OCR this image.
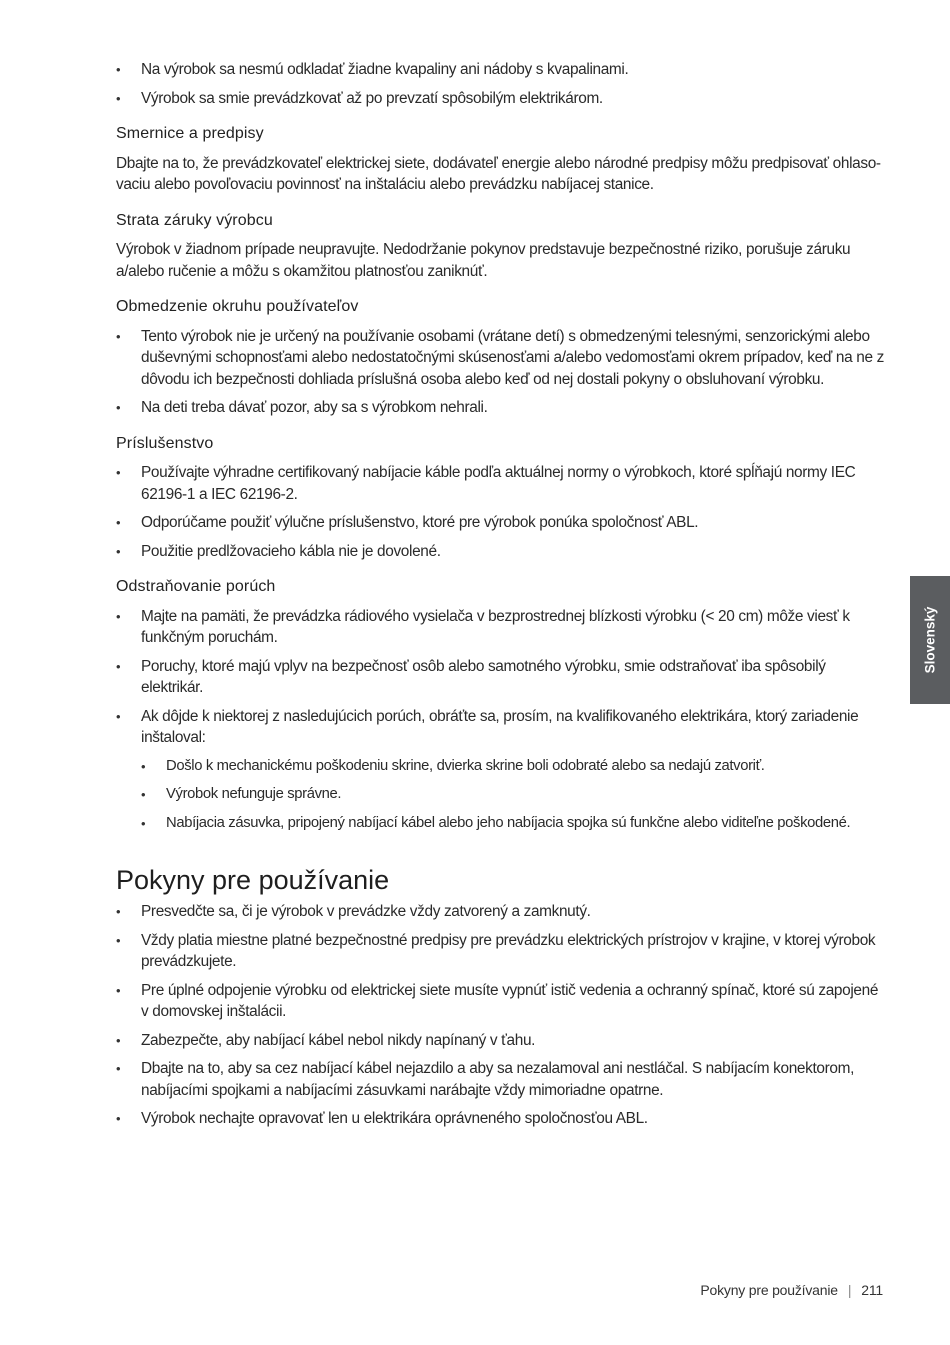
• Na výrobok sa nesmú odkladať žiadne kvapaliny ani nádoby s kvapalinami.
• Výrobok sa smie prevádzkovať až po prevzatí spôsobilým elektrikárom.
Smernice a predpisy

Dbajte na to, že prevádzkovateľ elektrickej siete, dodávateľ energie alebo národné predpisy môžu predpisovať ohlasovaciu alebo povoľovaciu povinnosť na inštaláciu alebo prevádzku nabíjacej stanice.

Strata záruky výrobcu

Výrobok v žiadnom prípade neupravujte. Nedodržanie pokynov predstavuje bezpečnostné riziko, porušuje záruku a/alebo ručenie a môžu s okamžitou platnosťou zaniknúť.

Obmedzenie okruhu používateľov
• Tento výrobok nie je určený na používanie osobami (vrátane detí) s obmedzenými telesnými, senzorickými alebo duševnými schopnosťami alebo nedostatočnými skúsenosťami a/alebo vedomosťami okrem prípadov, keď na ne z dôvodu ich bezpečnosti dohliada príslušná osoba alebo keď od nej dostali pokyny o obsluhovaní výrobku.
• Na deti treba dávať pozor, aby sa s výrobkom nehrali.
Príslušenstvo
• Používajte výhradne certifikovaný nabíjacie káble podľa aktuálnej normy o výrobkoch, ktoré spĺňajú normy IEC 62196-1 a IEC 62196-2.
• Odporúčame použiť výlučne príslušenstvo, ktoré pre výrobok ponúka spoločnosť ABL.
• Použitie predlžovacieho kábla nie je dovolené.
Odstraňovanie porúch
• Majte na pamäti, že prevádzka rádiového vysielača v bezprostrednej blízkosti výrobku (< 20 cm) môže viesť k funkčným poruchám.
• Poruchy, ktoré majú vplyv na bezpečnosť osôb alebo samotného výrobku, smie odstraňovať iba spôsobilý elektrikár.
• Ak dôjde k niektorej z nasledujúcich porúch, obráťte sa, prosím, na kvalifikovaného elektrikára, ktorý zariadenie inštaloval:
• Došlo k mechanickému poškodeniu skrine, dvierka skrine boli odobraté alebo sa nedajú zatvoriť.
• Výrobok nefunguje správne.
• Nabíjacia zásuvka, pripojený nabíjací kábel alebo jeho nabíjacia spojka sú funkčne alebo viditeľne poškodené.
Pokyny pre používanie
• Presvedčte sa, či je výrobok v prevádzke vždy zatvorený a zamknutý.
• Vždy platia miestne platné bezpečnostné predpisy pre prevádzku elektrických prístrojov v krajine, v ktorej výrobok prevádzkujete.
• Pre úplné odpojenie výrobku od elektrickej siete musíte vypnúť istič vedenia a ochranný spínač, ktoré sú zapojené v domovskej inštalácii.
• Zabezpečte, aby nabíjací kábel nebol nikdy napínaný v ťahu.
• Dbajte na to, aby sa cez nabíjací kábel nejazdilo a aby sa nezalamoval ani nestláčal. S nabíjacím konektorom, nabíjacími spojkami a nabíjacími zásuvkami narábajte vždy mimoriadne opatrne.
• Výrobok nechajte opravovať len u elektrikára oprávneného spoločnosťou ABL.
Slovenský
Pokyny pre používanie | 211
